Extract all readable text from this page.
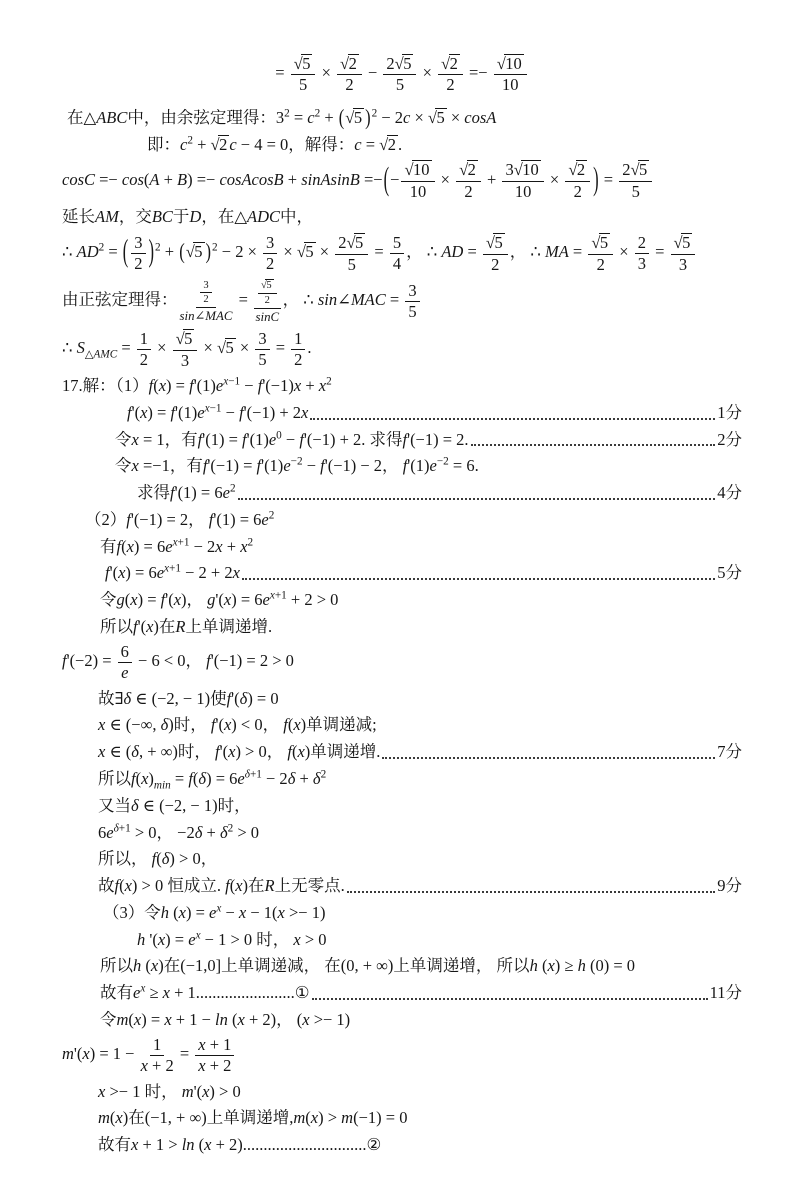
= $\frac{√5}{5} \times \frac{√2}{2} - \frac{2√5}{5} \times \frac{√2}{2} =- \frac{√10}{10}$
在△ABC中，由余弦定理得：$3^2 = c^2 + (√5$ )$^2$ − 2c × √5 × cosA
即：$c^2 + √2$ c − 4 = 0，解得：c = √2 .
cosC =− cos(A + B) =− cosAcosB + sinAsinB =−(− $\frac{√10}{10} \times \frac{√2}{2} + \frac{3√10}{10} \times \frac{√2}{2}$ ) = $\frac{2√5}{5}$
延长AM，交BC于D，在△ADC中，
∴ $AD^2$ = ( $\frac{3}{2} )^2 + (√5$ )$^2 - 2 \times \frac{3}{2} \times √5 \times \frac{2√5}{5} = \frac{5}{4}$ ， ∴ AD = $\frac{√5}{2}$ ， ∴ MA = $\frac{√5}{2} \times \frac{2}{3} = \frac{√5}{3}$
由正弦定理得： $\frac{\frac{3}{2}}{\text{sin∠MAC}} = \frac{\frac{√5}{2}}{\sin C}$ ， ∴ sin∠MAC = $\frac{3}{5}$
∴ $S_{\triangle AMC} = \frac{1}{2} \times \frac{√5}{3} \times √5 \times \frac{3}{5} = \frac{1}{2}$ .
17.解：$(1)f(x) = f'(1)e^{x-1} - f'(-1)x + x^2$
$f'(x) = f'(1)e^{x-1} - f'(-1) + 2x$	1分
令x = 1，有$f'(1) = f'(1)e^0 - f'(-1) + 2$. 求得f'(−1) = 2.	2分
令x =−1，有$f'(-1) = f'(1)e^{-2} - f'(-1) - 2$， $f'(1)e^{-2} = 6$.
求得$f'(1) = 6e^2$	4分
（2）f'(−1) = 2， $f'(1) = 6e^2$
有$f(x) = 6e^{x+1} - 2x + x^2$
$f'(x) = 6e^{x+1} - 2 + 2x$	5分
令g(x) = f'(x)， $g'(x) = 6e^{x+1} + 2 > 0$
所以f'(x)在R上单调递增.
$f'(-2) = \frac{6}{e} - 6 < 0$， f'(−1) = 2 > 0
故∃δ ∈ (−2, − 1)使f'(δ) = 0
x ∈ (−∞, δ)时， f'(x) < 0， f(x)单调递减;
x ∈ (δ, + ∞)时， f'(x) > 0， f(x)单调递增.	7分
所以$f(x)_{min} = f(\delta) = 6e^{\delta+1} - 2\delta + \delta^2$
又当δ ∈ (−2, − 1)时，
$6e^{\delta+1} > 0$， $-2\delta + \delta^2 > 0$
所以， f(δ) > 0，
故f(x) > 0 恒成立. f(x)在R上无零点.	9分
（3）令h $(x) = e^x - x - 1(x >- 1)$
h '$(x) = e^x - 1 > 0$ 时， x > 0
所以h (x)在(−1,0]上单调递减， 在(0, + ∞)上单调递增， 所以h (x) ≥ h (0) = 0
故有$e^x \ge x$ + 1........................①	11分
令m(x) = x + 1 − ln (x + 2)， (x >− 1)
$m'(x) = 1 - \frac{1}{x + 2} = \frac{x + 1}{x + 2}$
x >− 1 时， m'(x) > 0
m(x)在(−1, + ∞)上单调递增,m(x) > m(−1) = 0
故有x + 1 > ln (x + 2)..............................②
